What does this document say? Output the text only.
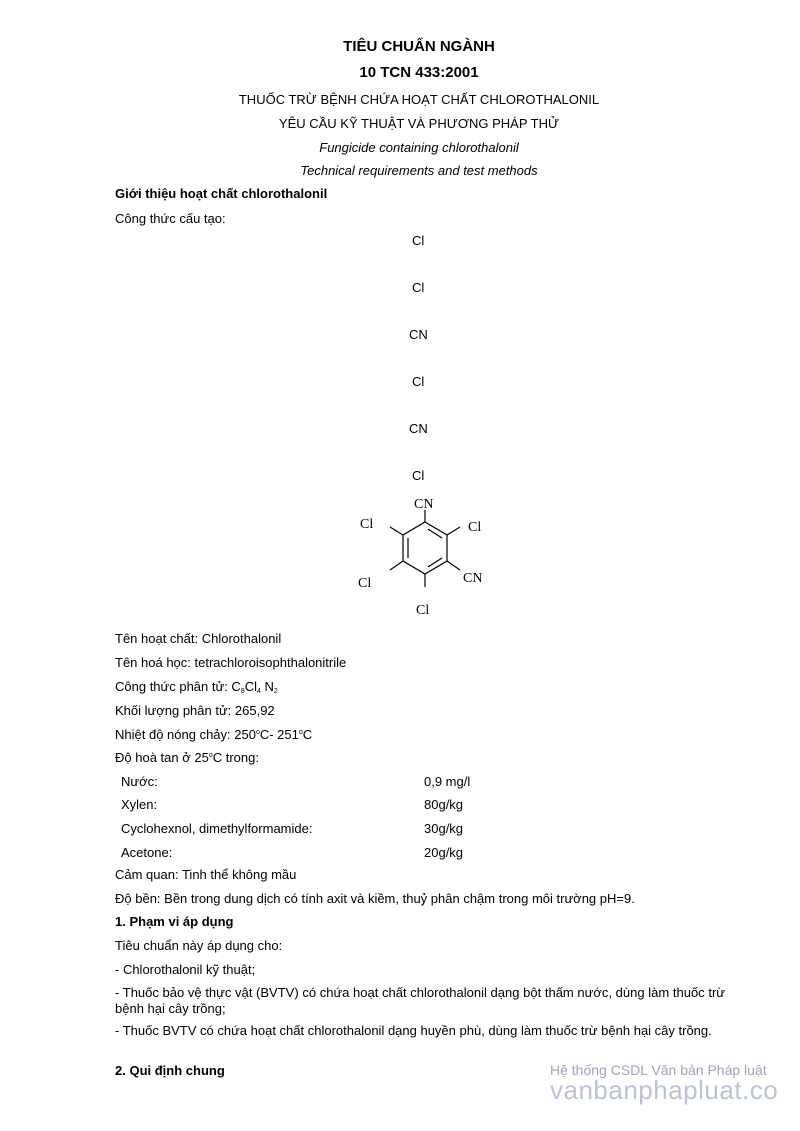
TIÊU CHUẨN NGÀNH
10 TCN 433:2001
THUỐC TRỪ BỆNH CHỨA HOẠT CHẤT CHLOROTHALONIL
YÊU CẦU KỸ THUẬT VÀ PHƯƠNG PHÁP THỬ
Fungicide containing chlorothalonil
Technical requirements and test methods
Giới thiệu hoạt chất chlorothalonil
Công thức cấu tạo:
Cl
Cl
CN
Cl
CN
Cl
CN
Cl
Cl
CN
Cl
Cl
Tên hoạt chất: Chlorothalonil
Tên hoá học: tetrachloroisophthalonitrile
Công thức phân tử: $C_8Cl_4$ $N_2$
Khối lượng phân tử: 265,92
Nhiệt độ nóng chảy: 250$^o$C- 251$^o$C
Độ hoà tan ở 25$^o$C trong:
Nước:	0,9 mg/l
Xylen:	80g/kg
Cyclohexnol, dimethylformamide:	30g/kg
Acetone:	20g/kg
Cảm quan: Tinh thể không mầu
Độ bền: Bền trong dung dịch có tính axit và kiềm, thuỷ phân chậm trong môi trường pH=9.
1. Phạm vi áp dụng
Tiêu chuẩn này áp dụng cho:
- Chlorothalonil kỹ thuật;
- Thuốc bảo vệ thực vật (BVTV) có chứa hoạt chất chlorothalonil dạng bột thấm nước, dùng làm thuốc trừ bệnh hại cây trồng;
- Thuốc BVTV có chứa hoạt chất chlorothalonil dạng huyền phù, dùng làm thuốc trừ bệnh hại cây trồng.
2. Qui định chung	Hệ thống CSDL Văn bản Pháp luật
vanbanphapluat.co
